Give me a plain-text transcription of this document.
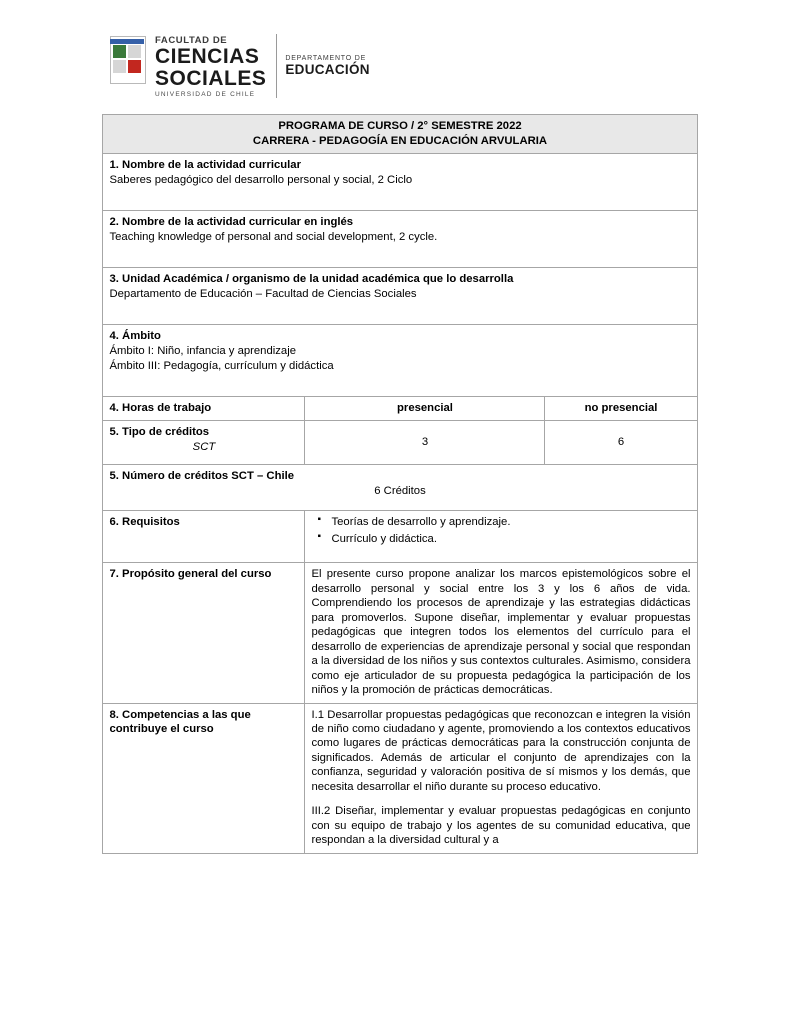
FACULTAD DE
CIENCIAS
SOCIALES
UNIVERSIDAD DE CHILE
DEPARTAMENTO DE
EDUCACIÓN
PROGRAMA DE CURSO / 2° SEMESTRE 2022
CARRERA - PEDAGOGÍA EN EDUCACIÓN ARVULARIA		

1. Nombre de la actividad curricular
Saberes pedagógico del desarrollo personal y social, 2 Ciclo		

2. Nombre de la actividad curricular en inglés
Teaching knowledge of personal and social development, 2 cycle.		

3. Unidad Académica / organismo de la unidad académica que lo desarrolla
Departamento de Educación – Facultad de Ciencias Sociales		

4. Ámbito
Ámbito I: Niño, infancia y aprendizaje
Ámbito III: Pedagogía, currículum y didáctica		

4. Horas de trabajo	presencial	no presencial
5. Tipo de créditos
SCT	3	6

5. Número de créditos SCT – Chile
6 Créditos		

6. Requisitos	
▪Teorías de desarrollo y aprendizaje.
▪ Currículo y didáctica.

7. Propósito general del curso	El presente curso propone analizar los marcos epistemológicos sobre el desarrollo personal y social entre los 3 y los 6 años de vida. Comprendiendo los procesos de aprendizaje y las estrategias didácticas para promoverlos. Supone diseñar, implementar y evaluar propuestas pedagógicas que integren todos los elementos del currículo para el desarrollo de experiencias de aprendizaje personal y social que respondan a la diversidad de los niños y sus contextos culturales. Asimismo, considera como eje articulador de su propuesta pedagógica la participación de los niños y la promoción de prácticas democráticas.	

8. Competencias a las que
contribuye el curso

I.1 Desarrollar propuestas pedagógicas que reconozcan e integren la visión de niño como ciudadano y agente, promoviendo a los contextos educativos como lugares de prácticas democráticas para la construcción conjunta de significados. Además de articular el conjunto de aprendizajes con la confianza, seguridad y valoración positiva de sí mismos y los demás, que necesita desarrollar el niño durante su proceso educativo.

III.2 Diseñar, implementar y evaluar propuestas pedagógicas en conjunto con su equipo de trabajo y los agentes de su comunidad educativa, que respondan a la diversidad cultural y a
